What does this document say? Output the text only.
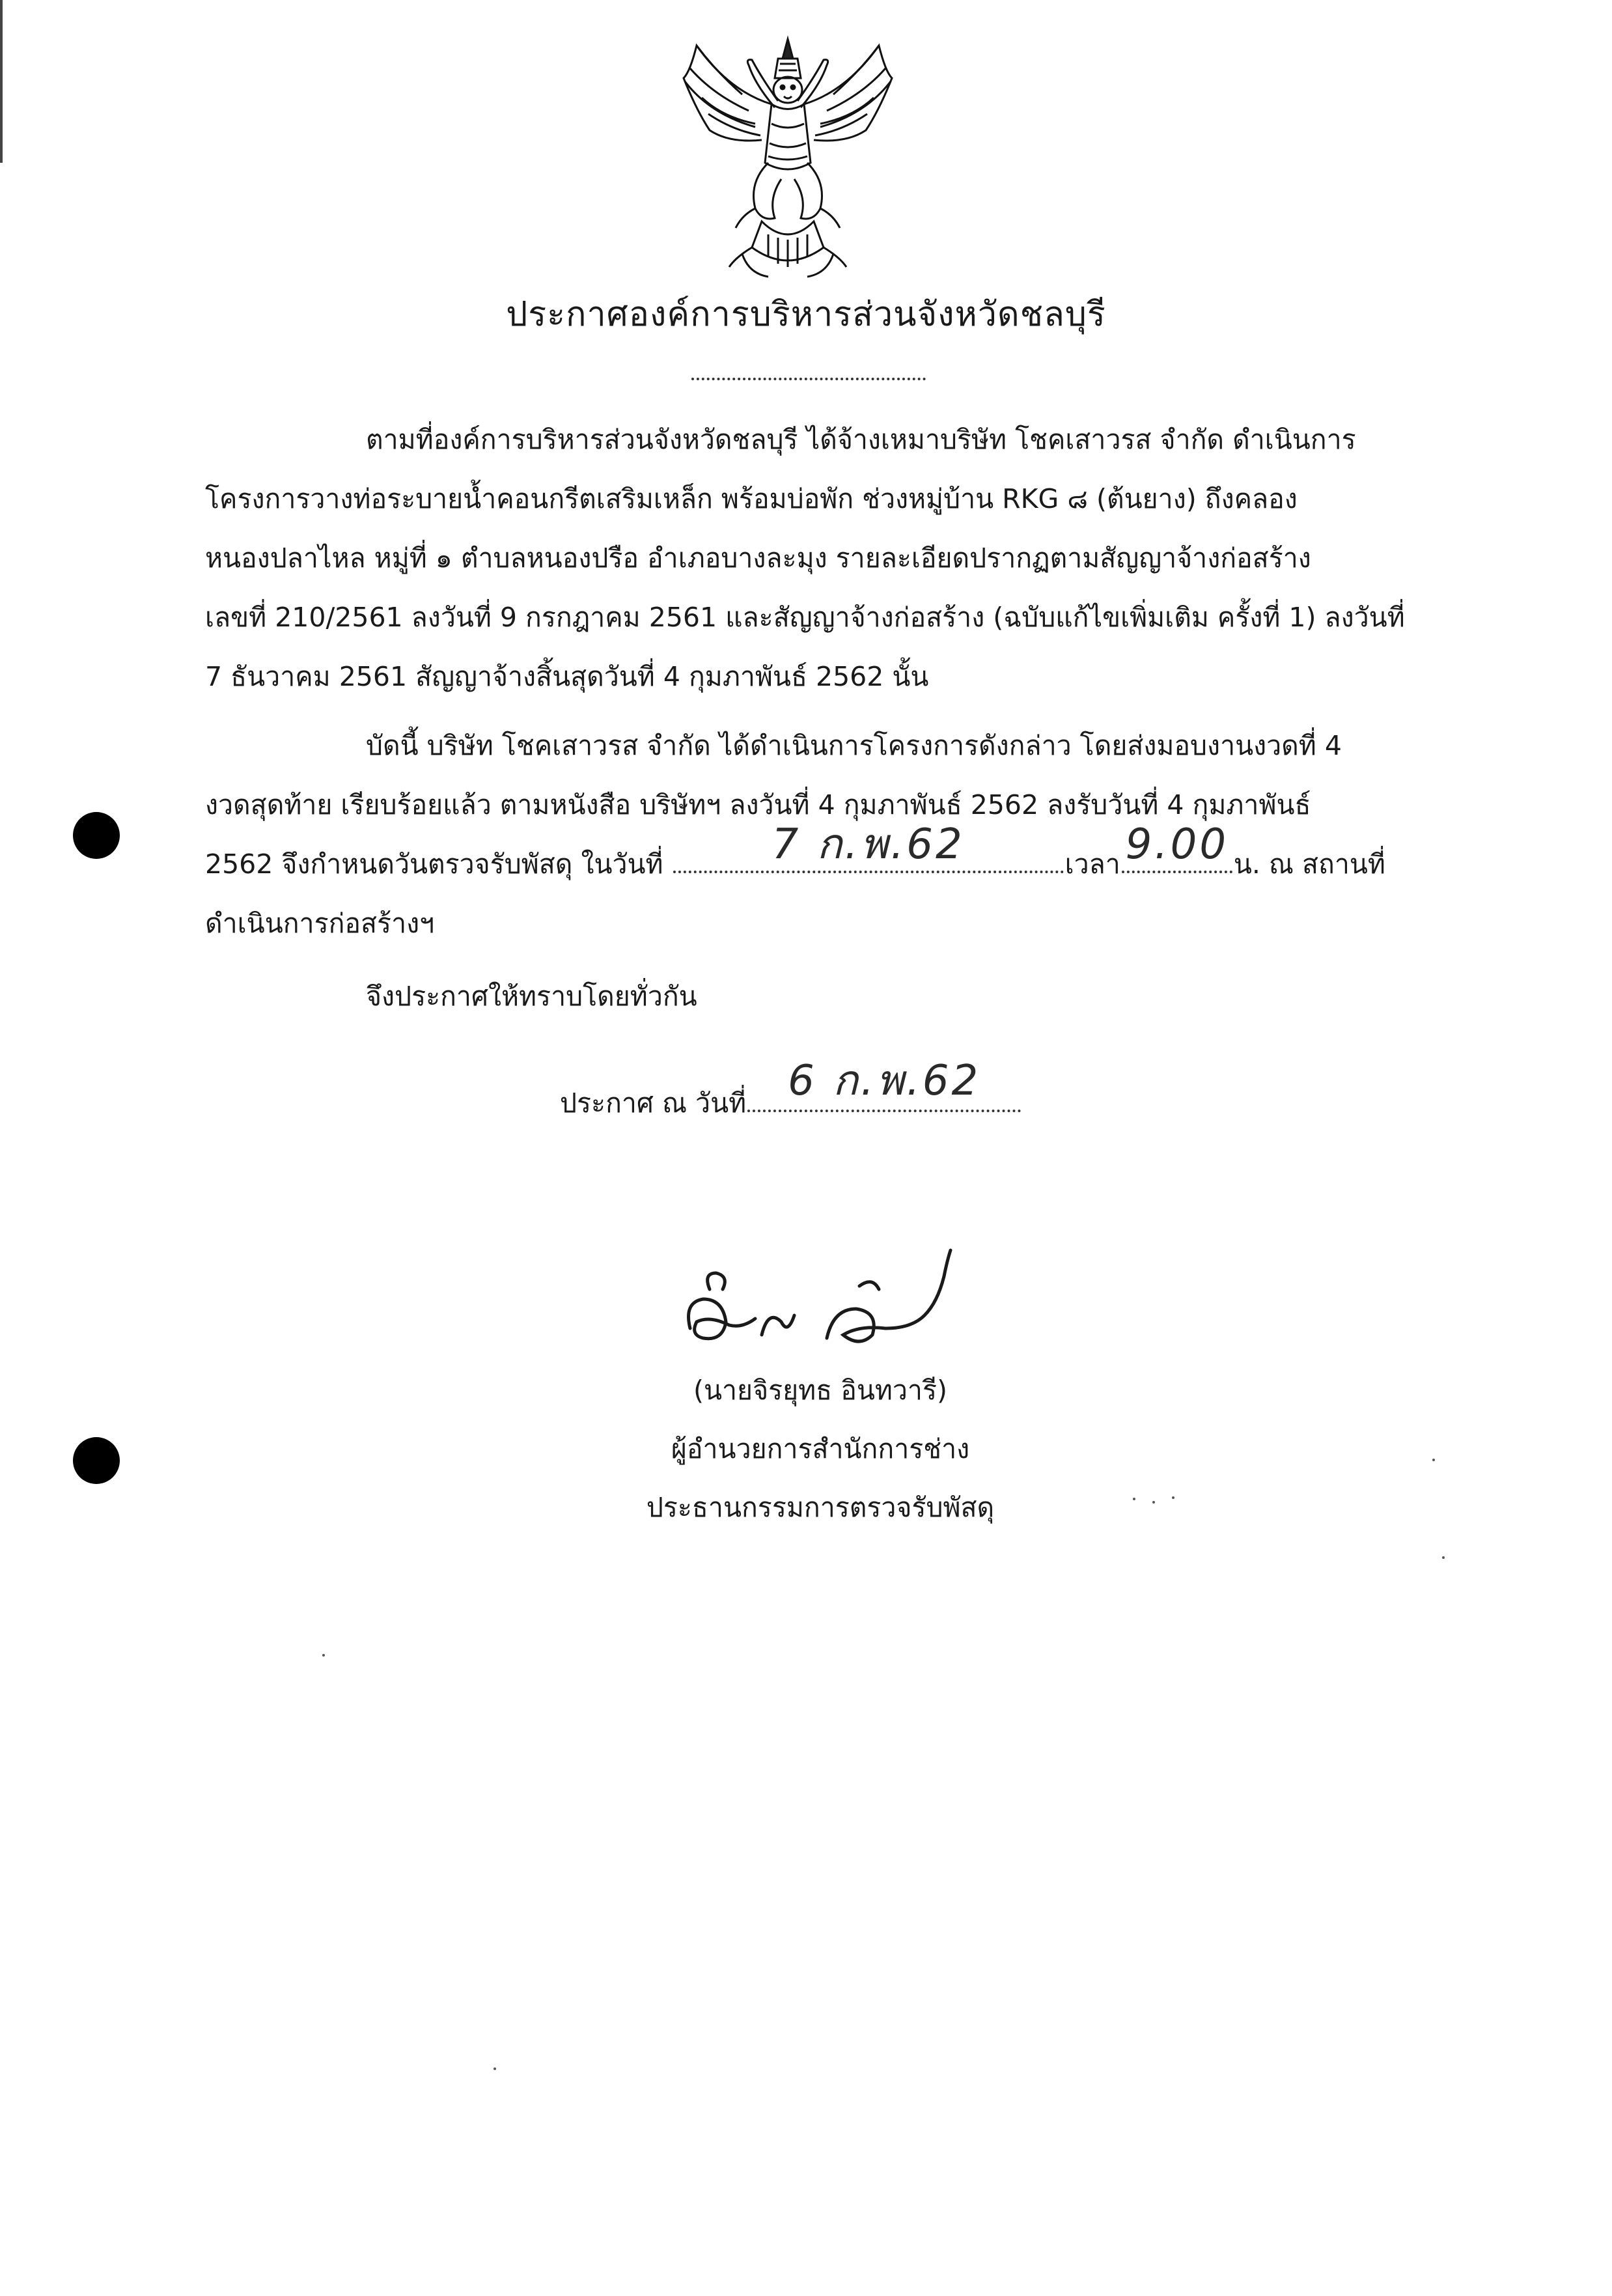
ประกาศองค์การบริหารส่วนจังหวัดชลบุรี
ตามที่องค์การบริหารส่วนจังหวัดชลบุรี ได้จ้างเหมาบริษัท โชคเสาวรส จำกัด ดำเนินการ
โครงการวางท่อระบายน้ำคอนกรีตเสริมเหล็ก พร้อมบ่อพัก ช่วงหมู่บ้าน RKG ๘ (ต้นยาง) ถึงคลอง
หนองปลาไหล หมู่ที่ ๑ ตำบลหนองปรือ อำเภอบางละมุง รายละเอียดปรากฏตามสัญญาจ้างก่อสร้าง
เลขที่ 210/2561 ลงวันที่ 9 กรกฎาคม 2561 และสัญญาจ้างก่อสร้าง (ฉบับแก้ไขเพิ่มเติม ครั้งที่ 1) ลงวันที่
7 ธันวาคม 2561 สัญญาจ้างสิ้นสุดวันที่ 4 กุมภาพันธ์ 2562 นั้น
บัดนี้ บริษัท โชคเสาวรส จำกัด ได้ดำเนินการโครงการดังกล่าว โดยส่งมอบงานงวดที่ 4
งวดสุดท้าย เรียบร้อยแล้ว ตามหนังสือ บริษัทฯ ลงวันที่ 4 กุมภาพันธ์ 2562 ลงรับวันที่ 4 กุมภาพันธ์
2562 จึงกำหนดวันตรวจรับพัสดุ ในวันที่	7 ก.พ.62	เวลา 9.00 น. ณ สถานที่
ดำเนินการก่อสร้างฯ
จึงประกาศให้ทราบโดยทั่วกัน
ประกาศ ณ วันที่ 6 ก.พ.62
(นายจิรยุทธ อินทวารี)
ผู้อำนวยการสำนักการช่าง
ประธานกรรมการตรวจรับพัสดุ
